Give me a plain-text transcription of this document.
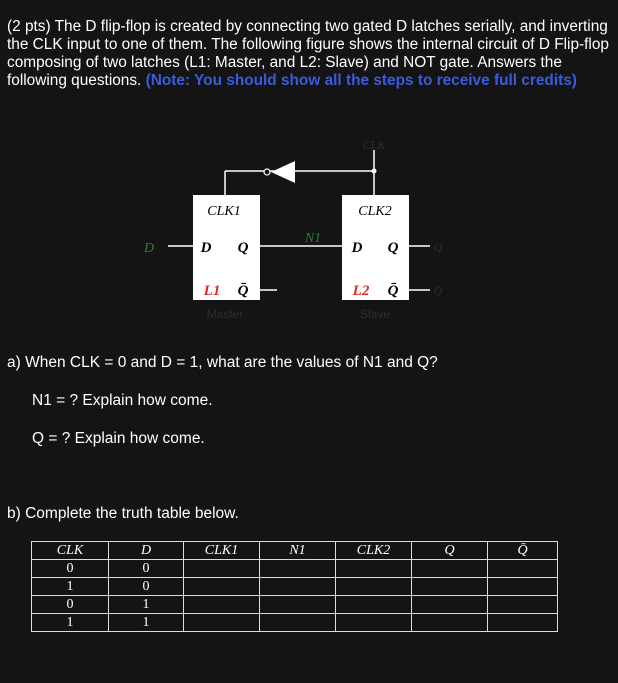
(2 pts) The D flip-flop is created by connecting two gated D latches serially, and inverting the CLK input to one of them. The following figure shows the internal circuit of D Flip-flop composing of two latches (L1: Master, and L2: Slave) and NOT gate. Answers the following questions. (Note: You should show all the steps to receive full credits)

CLK
CLK1
D Q
L1 Q̄
Master
CLK2
D Q
L2 Q̄
Slave
D
N1
Q
Q̄

a) When CLK = 0 and D = 1, what are the values of N1 and Q?

N1 = ? Explain how come.

Q = ? Explain how come.

b) Complete the truth table below.

CLK	D	CLK1	N1	CLK2	Q	Q̄
0	0					
1	0					
0	1					
1	1					
